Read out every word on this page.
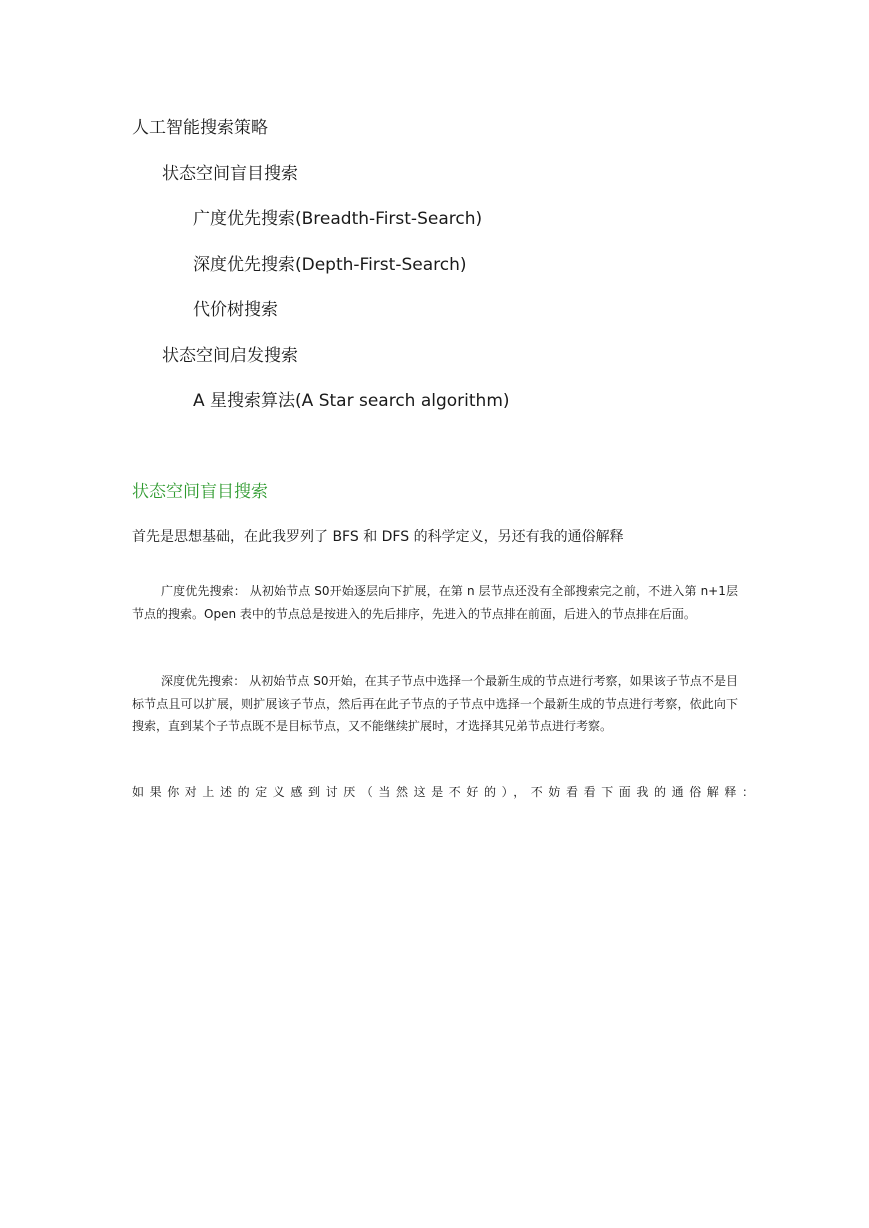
人工智能搜索策略
状态空间盲目搜索
广度优先搜索(Breadth-First-Search)
深度优先搜索(Depth-First-Search)
代价树搜索
状态空间启发搜索
A 星搜索算法(A Star search algorithm)
状态空间盲目搜索
首先是思想基础，在此我罗列了 BFS 和 DFS 的科学定义，另还有我的通俗解释
广度优先搜索： 从初始节点 S0开始逐层向下扩展，在第 n 层节点还没有全部搜索完之前，不进入第 n+1层节点的搜索。Open 表中的节点总是按进入的先后排序，先进入的节点排在前面，后进入的节点排在后面。
深度优先搜索： 从初始节点 S0开始，在其子节点中选择一个最新生成的节点进行考察，如果该子节点不是目标节点且可以扩展，则扩展该子节点，然后再在此子节点的子节点中选择一个最新生成的节点进行考察，依此向下搜索，直到某个子节点既不是目标节点，又不能继续扩展时，才选择其兄弟节点进行考察。
如果你对上述的定义感到讨厌（当然这是不好的），不妨看看下面我的通俗解释：
